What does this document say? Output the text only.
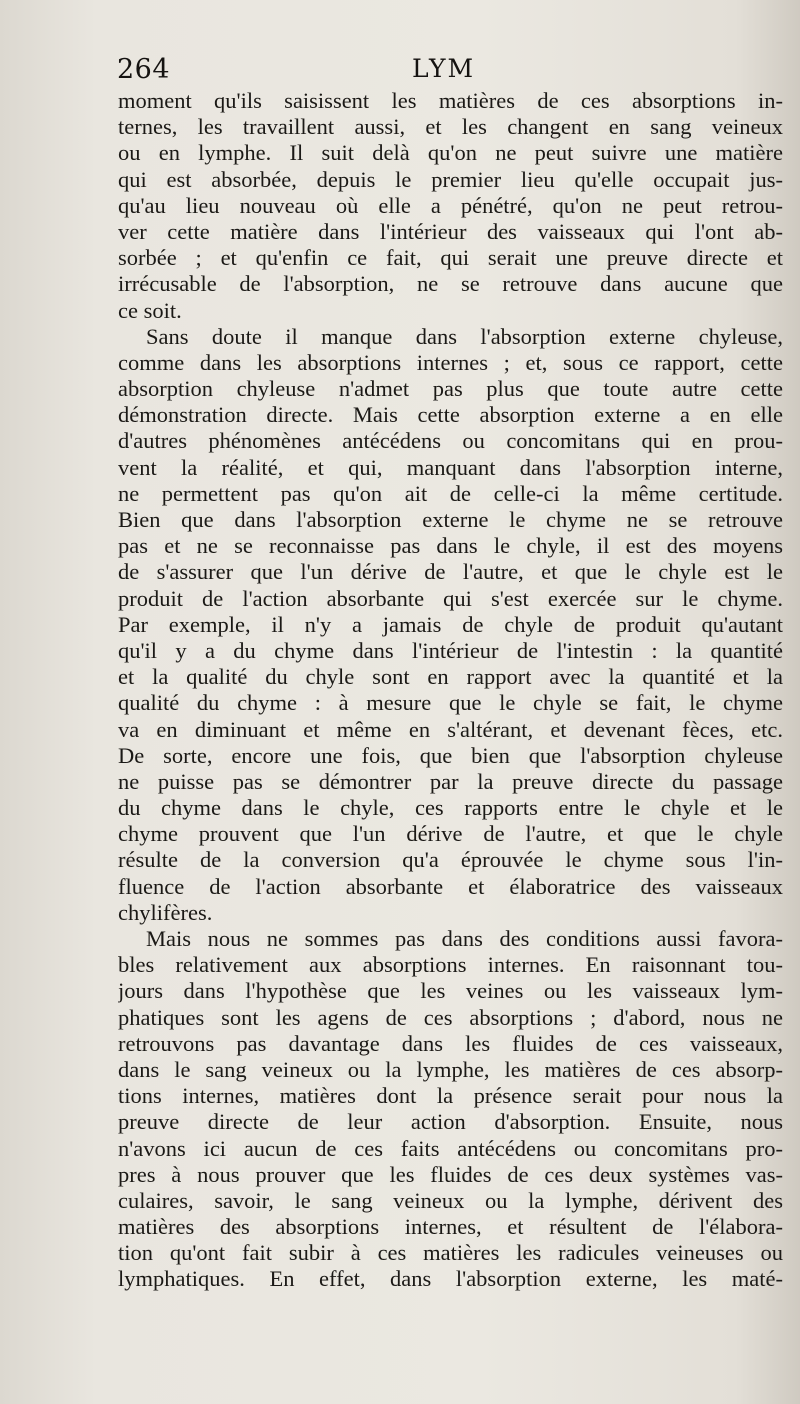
264	LYM
moment qu'ils saisissent les matières de ces absorptions in-
ternes, les travaillent aussi, et les changent en sang veineux
ou en lymphe. Il suit delà qu'on ne peut suivre une matière
qui est absorbée, depuis le premier lieu qu'elle occupait jus-
qu'au lieu nouveau où elle a pénétré, qu'on ne peut retrou-
ver cette matière dans l'intérieur des vaisseaux qui l'ont ab-
sorbée ; et qu'enfin ce fait, qui serait une preuve directe et
irrécusable de l'absorption, ne se retrouve dans aucune que
ce soit.
Sans doute il manque dans l'absorption externe chyleuse,
comme dans les absorptions internes ; et, sous ce rapport, cette
absorption chyleuse n'admet pas plus que toute autre cette
démonstration directe. Mais cette absorption externe a en elle
d'autres phénomènes antécédens ou concomitans qui en prou-
vent la réalité, et qui, manquant dans l'absorption interne,
ne permettent pas qu'on ait de celle-ci la même certitude.
Bien que dans l'absorption externe le chyme ne se retrouve
pas et ne se reconnaisse pas dans le chyle, il est des moyens
de s'assurer que l'un dérive de l'autre, et que le chyle est le
produit de l'action absorbante qui s'est exercée sur le chyme.
Par exemple, il n'y a jamais de chyle de produit qu'autant
qu'il y a du chyme dans l'intérieur de l'intestin : la quantité
et la qualité du chyle sont en rapport avec la quantité et la
qualité du chyme : à mesure que le chyle se fait, le chyme
va en diminuant et même en s'altérant, et devenant fèces, etc.
De sorte, encore une fois, que bien que l'absorption chyleuse
ne puisse pas se démontrer par la preuve directe du passage
du chyme dans le chyle, ces rapports entre le chyle et le
chyme prouvent que l'un dérive de l'autre, et que le chyle
résulte de la conversion qu'a éprouvée le chyme sous l'in-
fluence de l'action absorbante et élaboratrice des vaisseaux
chylifères.
Mais nous ne sommes pas dans des conditions aussi favora-
bles relativement aux absorptions internes. En raisonnant tou-
jours dans l'hypothèse que les veines ou les vaisseaux lym-
phatiques sont les agens de ces absorptions ; d'abord, nous ne
retrouvons pas davantage dans les fluides de ces vaisseaux,
dans le sang veineux ou la lymphe, les matières de ces absorp-
tions internes, matières dont la présence serait pour nous la
preuve directe de leur action d'absorption. Ensuite, nous
n'avons ici aucun de ces faits antécédens ou concomitans pro-
pres à nous prouver que les fluides de ces deux systèmes vas-
culaires, savoir, le sang veineux ou la lymphe, dérivent des
matières des absorptions internes, et résultent de l'élabora-
tion qu'ont fait subir à ces matières les radicules veineuses ou
lymphatiques. En effet, dans l'absorption externe, les maté-
